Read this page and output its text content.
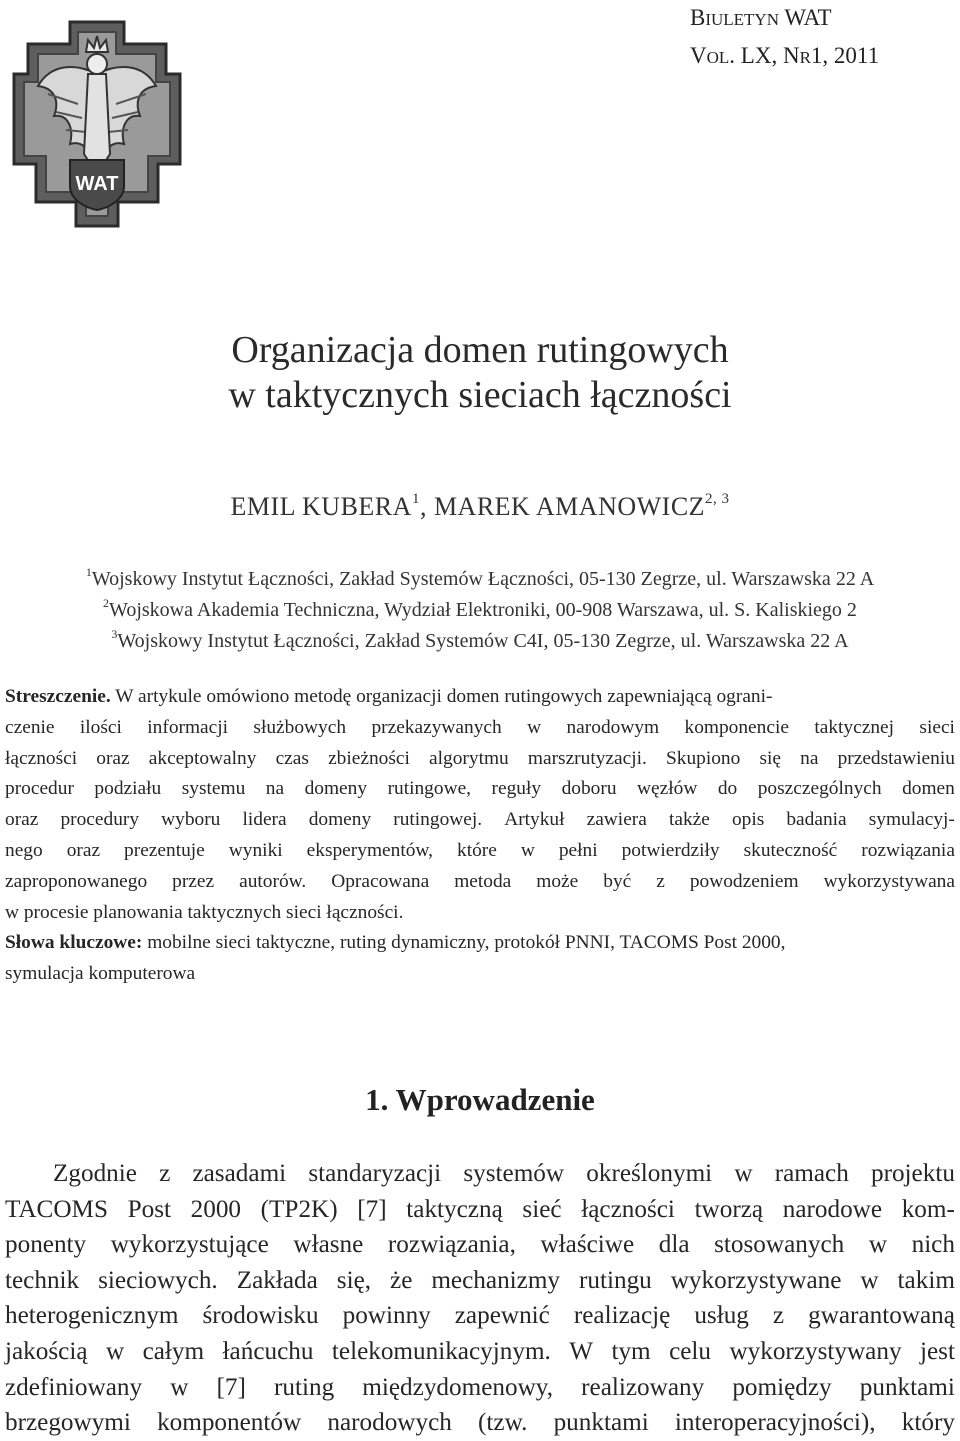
BIULETYN WAT
VOL. LX, NR1, 2011
WAT
Organizacja domen rutingowych
w taktycznych sieciach łączności
EMIL KUBERA$^1$, MAREK AMANOWICZ$^{2, 3}$
$^1$Wojskowy Instytut Łączności, Zakład Systemów Łączności, 05-130 Zegrze, ul. Warszawska 22 A
$^2$Wojskowa Akademia Techniczna, Wydział Elektroniki, 00-908 Warszawa, ul. S. Kaliskiego 2
$^3$Wojskowy Instytut Łączności, Zakład Systemów C4I, 05-130 Zegrze, ul. Warszawska 22 A
Streszczenie. W artykule omówiono metodę organizacji domen rutingowych zapewniającą ograni-
czenie ilości informacji służbowych przekazywanych w narodowym komponencie taktycznej sieci
łączności oraz akceptowalny czas zbieżności algorytmu marszrutyzacji. Skupiono się na przedstawieniu
procedur podziału systemu na domeny rutingowe, reguły doboru węzłów do poszczególnych domen
oraz procedury wyboru lidera domeny rutingowej. Artykuł zawiera także opis badania symulacyj-
nego oraz prezentuje wyniki eksperymentów, które w pełni potwierdziły skuteczność rozwiązania
zaproponowanego przez autorów. Opracowana metoda może być z powodzeniem wykorzystywana
w procesie planowania taktycznych sieci łączności.
Słowa kluczowe: mobilne sieci taktyczne, ruting dynamiczny, protokół PNNI, TACOMS Post 2000,
symulacja komputerowa
1. Wprowadzenie
Zgodnie z zasadami standaryzacji systemów określonymi w ramach projektu
TACOMS Post 2000 (TP2K) [7] taktyczną sieć łączności tworzą narodowe kom-
ponenty wykorzystujące własne rozwiązania, właściwe dla stosowanych w nich
technik sieciowych. Zakłada się, że mechanizmy rutingu wykorzystywane w takim
heterogenicznym środowisku powinny zapewnić realizację usług z gwarantowaną
jakością w całym łańcuchu telekomunikacyjnym. W tym celu wykorzystywany jest
zdefiniowany w [7] ruting międzydomenowy, realizowany pomiędzy punktami
brzegowymi komponentów narodowych (tzw. punktami interoperacyjności), który
